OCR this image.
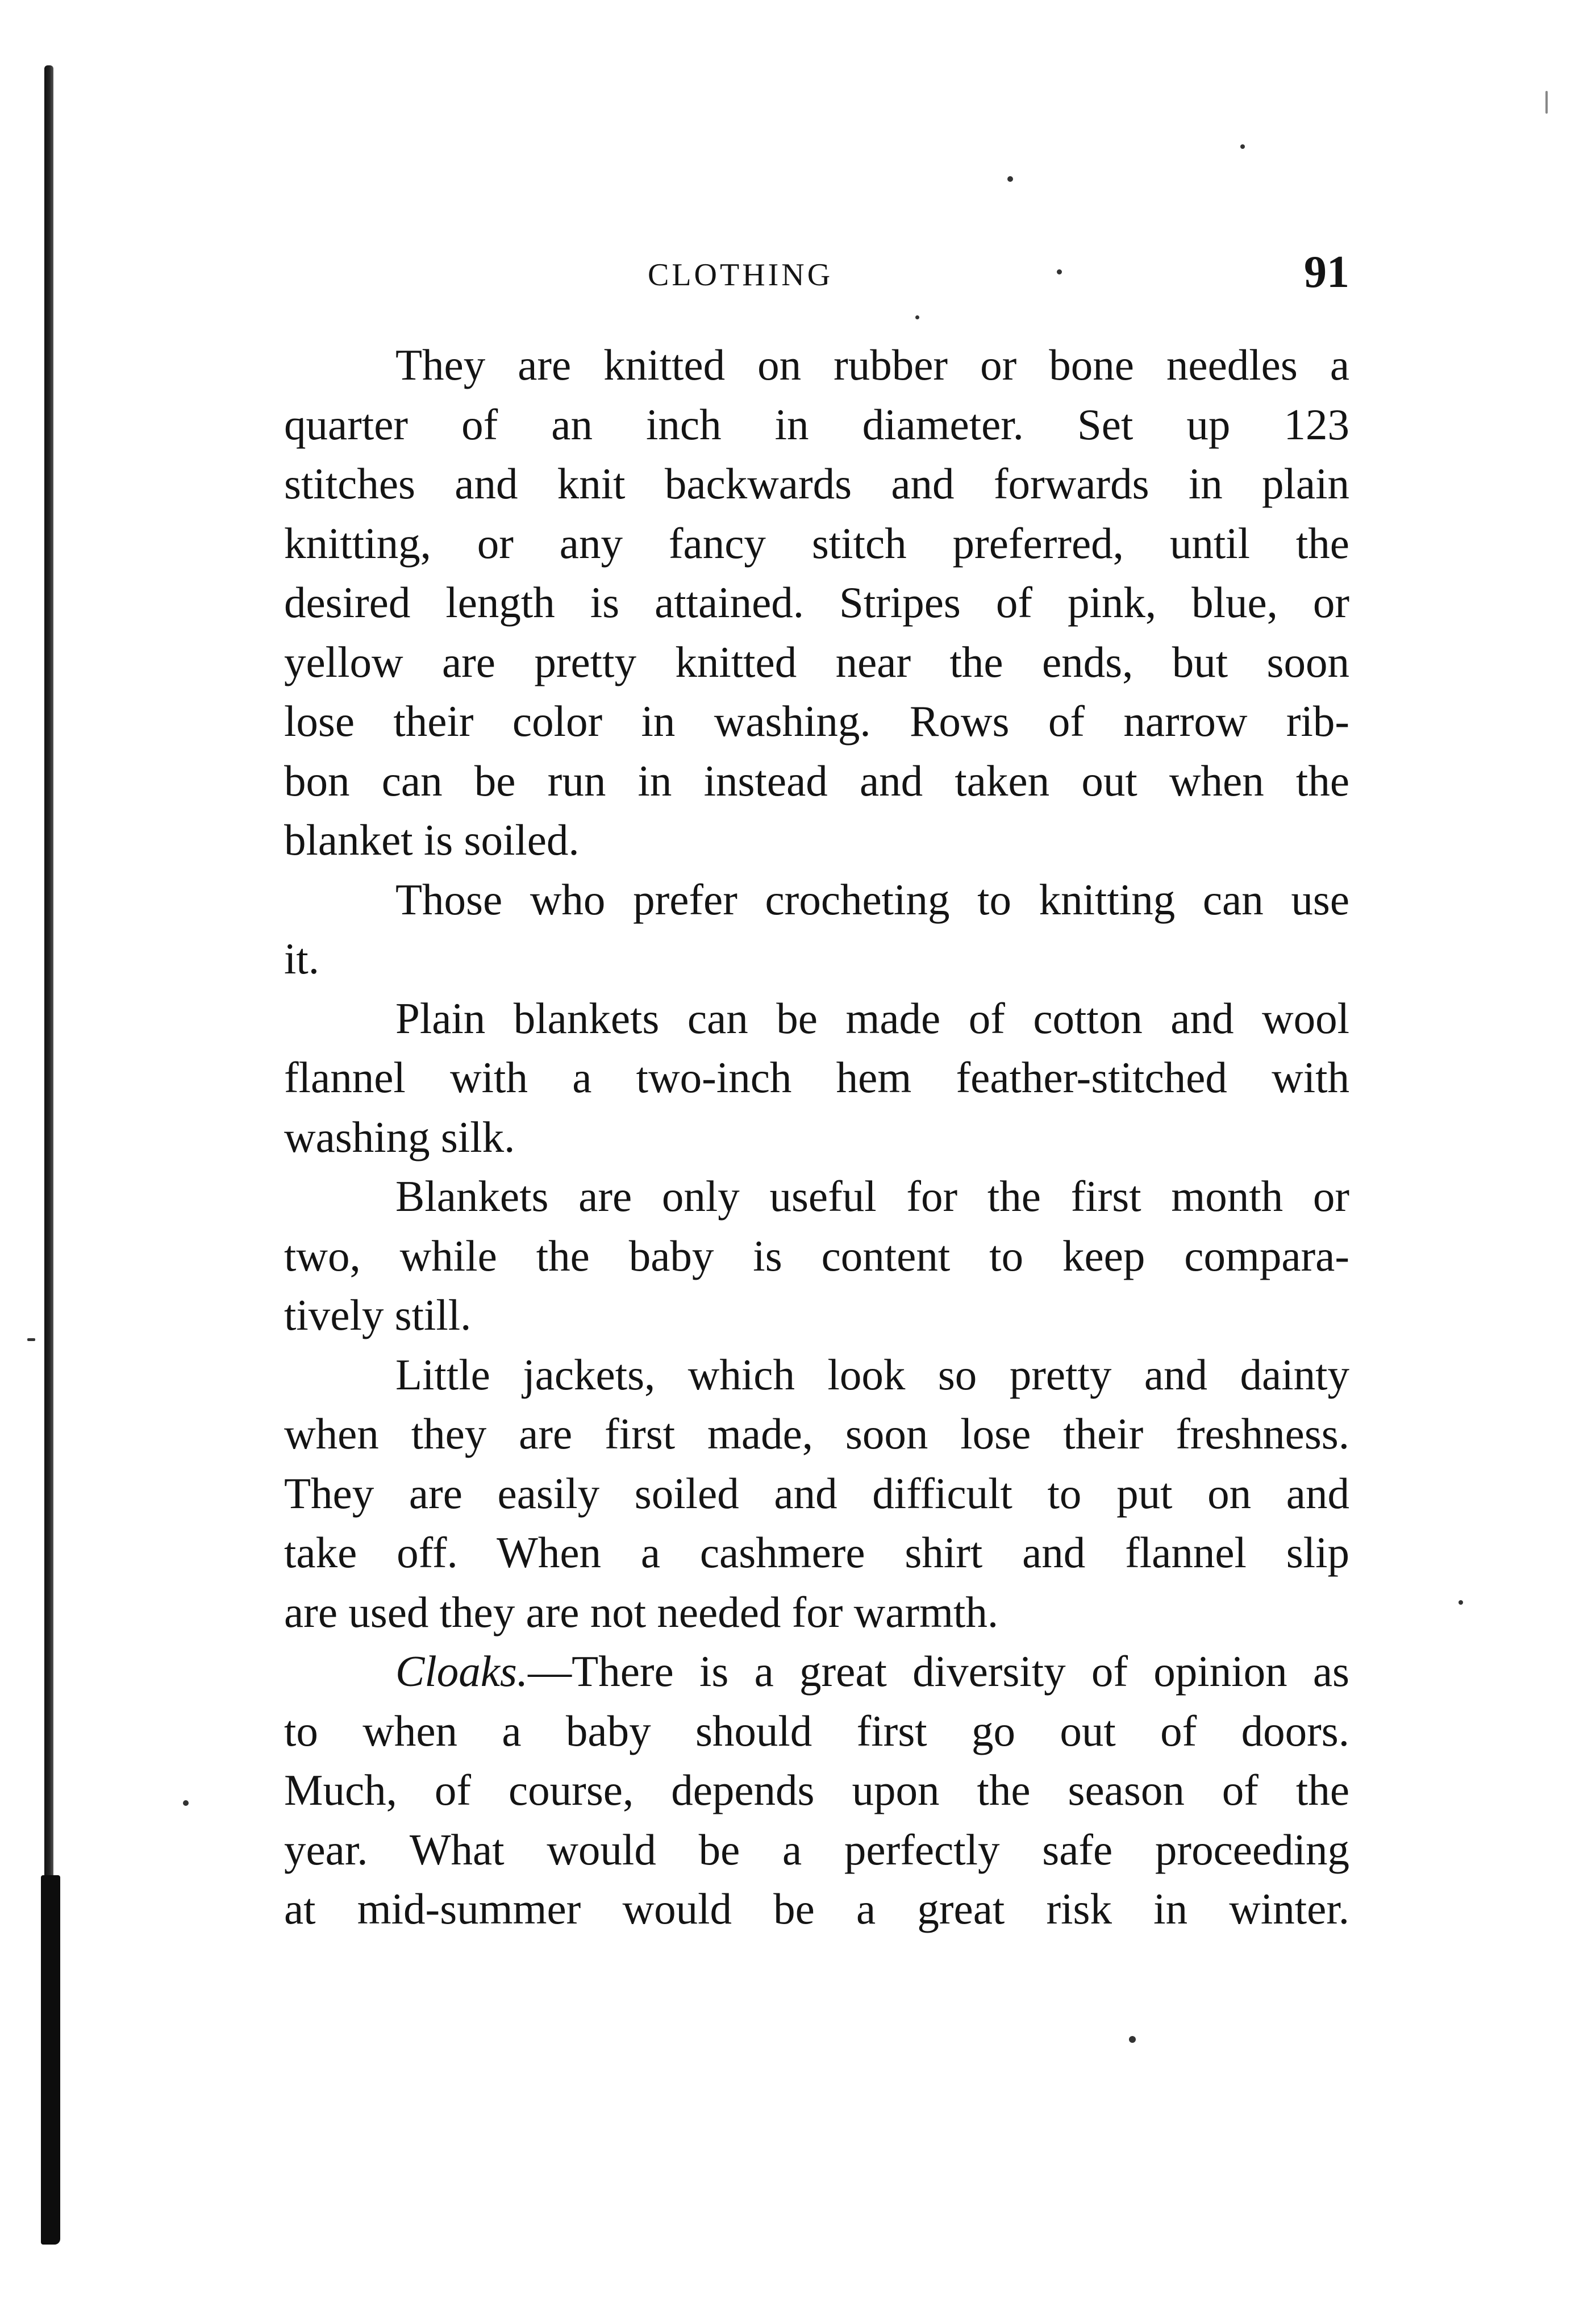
CLOTHING	91

They are knitted on rubber or bone needles a
quarter of an inch in diameter. Set up 123
stitches and knit backwards and forwards in plain
knitting, or any fancy stitch preferred, until the
desired length is attained. Stripes of pink, blue, or
yellow are pretty knitted near the ends, but soon
lose their color in washing. Rows of narrow rib-
bon can be run in instead and taken out when the
blanket is soiled.

Those who prefer crocheting to knitting can use
it.

Plain blankets can be made of cotton and wool
flannel with a two-inch hem feather-stitched with
washing silk.

Blankets are only useful for the first month or
two, while the baby is content to keep compara-
tively still.

Little jackets, which look so pretty and dainty
when they are first made, soon lose their freshness.
They are easily soiled and difficult to put on and
take off. When a cashmere shirt and flannel slip
are used they are not needed for warmth.

Cloaks.—There is a great diversity of opinion as
to when a baby should first go out of doors.
Much, of course, depends upon the season of the
year. What would be a perfectly safe proceeding
at mid-summer would be a great risk in winter.
